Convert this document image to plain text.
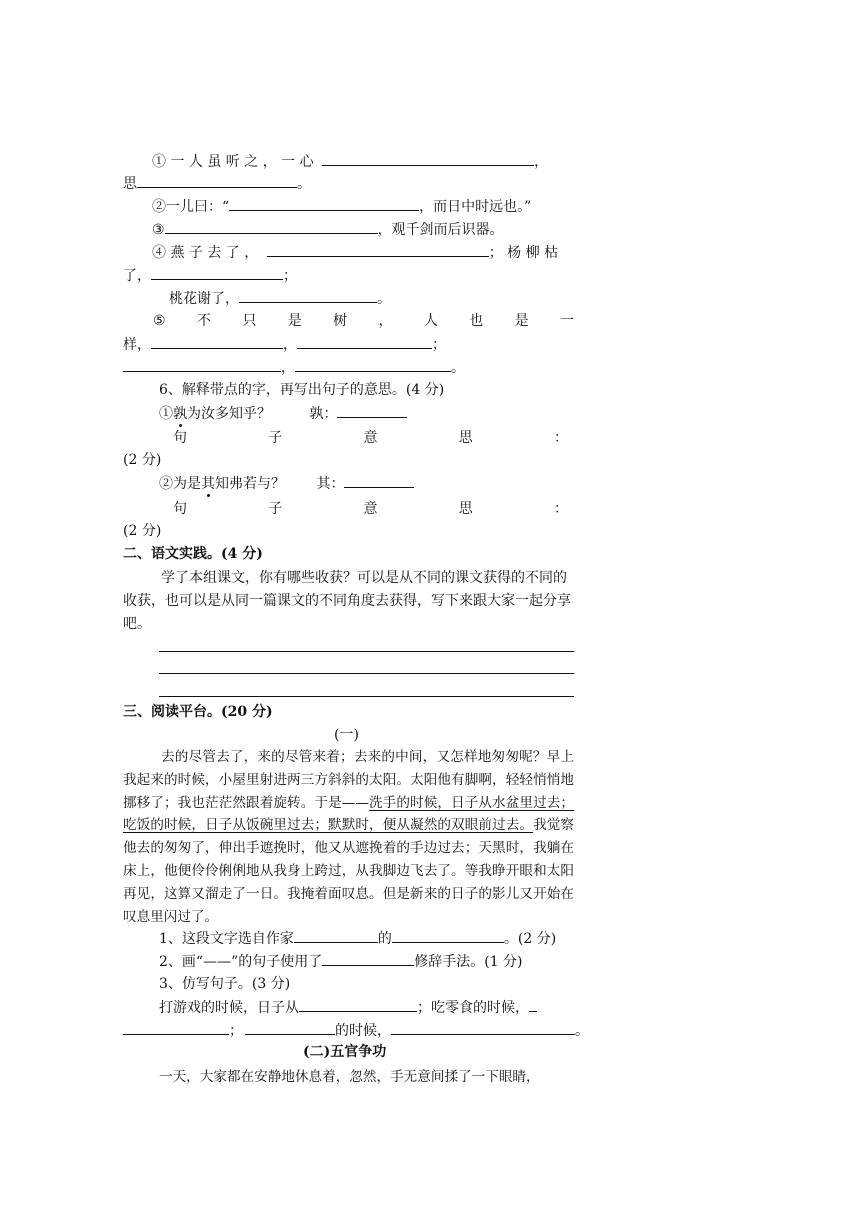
① 一 人 虽 听 之 ， 一 心	，
思	。
②一儿曰：“	，而日中时远也。”
③	，观千剑而后识器。
④ 燕 子 去 了 ，	； 杨 柳 枯
了，	；
桃花谢了，	。
⑤ 不 只 是 树 ， 人 也 是 一
样，	，	；
，	。
6、解释带点的字，再写出句子的意思。(4 分)
①孰为汝多知乎？	孰：
句	子	意	思	：
(2 分)
②为是其知弗若与？ 其：
句	子	意	思	：
(2 分)
二、语文实践。(4 分)
学了本组课文，你有哪些收获？可以是从不同的课文获得的不同的收获，也可以是从同一篇课文的不同角度去获得，写下来跟大家一起分享吧。
三、阅读平台。(20 分)
(一)
去的尽管去了，来的尽管来着；去来的中间，又怎样地匆匆呢？早上我起来的时候，小屋里射进两三方斜斜的太阳。太阳他有脚啊，轻轻悄悄地挪移了；我也茫茫然跟着旋转。于是——洗手的时候，日子从水盆里过去；吃饭的时候，日子从饭碗里过去；默默时，便从凝然的双眼前过去。我觉察他去的匆匆了，伸出手遮挽时，他又从遮挽着的手边过去；天黑时，我躺在床上，他便伶伶俐俐地从我身上跨过，从我脚边飞去了。等我睁开眼和太阳再见，这算又溜走了一日。我掩着面叹息。但是新来的日子的影儿又开始在叹息里闪过了。
1、这段文字选自作家	的	。(2 分)
2、画“——”的句子使用了	修辞手法。(1 分)
3、仿写句子。(3 分)
打游戏的时候，日子从	；吃零食的时候，
；	的时候，	。
(二)五官争功
一天，大家都在安静地休息着，忽然，手无意间揉了一下眼睛，
